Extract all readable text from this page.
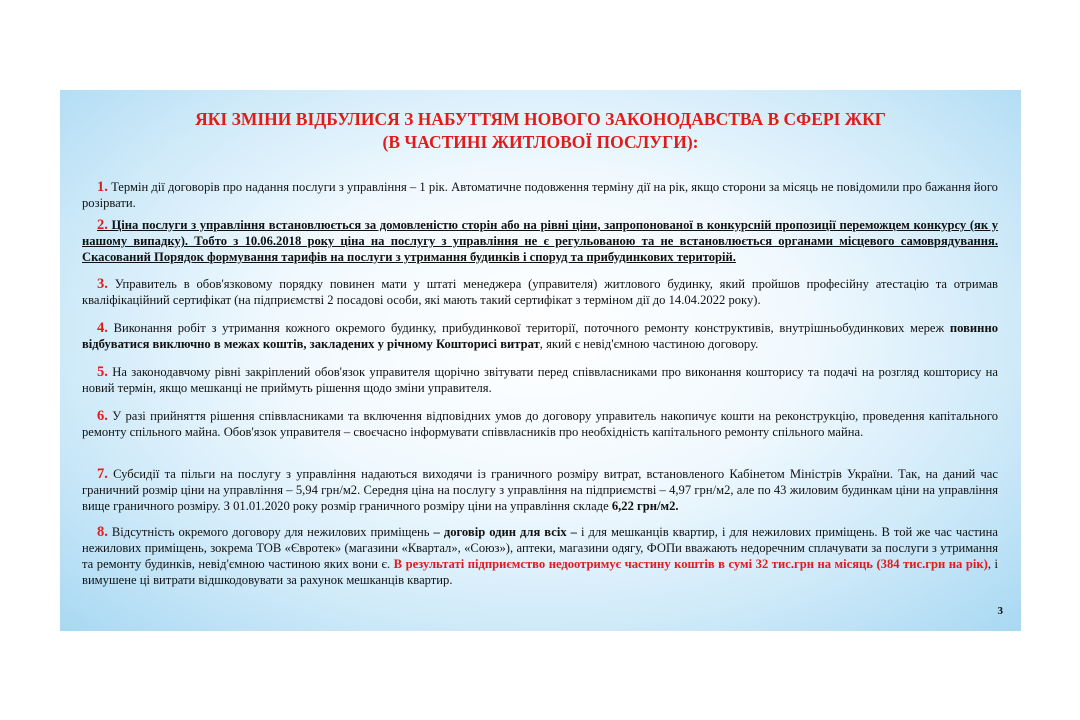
ЯКІ ЗМІНИ ВІДБУЛИСЯ З НАБУТТЯМ НОВОГО ЗАКОНОДАВСТВА В СФЕРІ ЖКГ
(В ЧАСТИНІ ЖИТЛОВОЇ ПОСЛУГИ):
1. Термін дії договорів про надання послуги з управління – 1 рік. Автоматичне подовження терміну дії на рік, якщо сторони за місяць не повідомили про бажання його розірвати.
2. Ціна послуги з управління встановлюється за домовленістю сторін або на рівні ціни, запропонованої в конкурсній пропозиції переможцем конкурсу (як у нашому випадку). Тобто з 10.06.2018 року ціна на послугу з управління не є регульованою та не встановлюється органами місцевого самоврядування. Скасований Порядок формування тарифів на послуги з утримання будинків і споруд та прибудинкових територій.
3. Управитель в обов'язковому порядку повинен мати у штаті менеджера (управителя) житлового будинку, який пройшов професійну атестацію та отримав кваліфікаційний сертифікат (на підприємстві 2 посадові особи, які мають такий сертифікат з терміном дії до 14.04.2022 року).
4. Виконання робіт з утримання кожного окремого будинку, прибудинкової території, поточного ремонту конструктивів, внутрішньобудинкових мереж повинно відбуватися виключно в межах коштів, закладених у річному Кошторисі витрат, який є невід'ємною частиною договору.
5. На законодавчому рівні закріплений обов'язок управителя щорічно звітувати перед співвласниками про виконання кошторису та подачі на розгляд кошторису на новий термін, якщо мешканці не приймуть рішення щодо зміни управителя.
6. У разі прийняття рішення співвласниками та включення відповідних умов до договору управитель накопичує кошти на реконструкцію, проведення капітального ремонту спільного майна. Обов'язок управителя – своєчасно інформувати співвласників про необхідність капітального ремонту спільного майна.
7. Субсидії та пільги на послугу з управління надаються виходячи із граничного розміру витрат, встановленого Кабінетом Міністрів України. Так, на даний час граничний розмір ціни на управління – 5,94 грн/м2. Середня ціна на послугу з управління на підприємстві – 4,97 грн/м2, але по 43 жиловим будинкам ціни на управління вище граничного розміру. З 01.01.2020 року розмір граничного розміру ціни на управління складе 6,22 грн/м2.
8. Відсутність окремого договору для нежилових приміщень – договір один для всіх – і для мешканців квартир, і для нежилових приміщень. В той же час частина нежилових приміщень, зокрема ТОВ «Євротек» (магазини «Квартал», «Союз»), аптеки, магазини одягу, ФОПи вважають недоречним сплачувати за послуги з утримання та ремонту будинків, невід'ємною частиною яких вони є. В результаті підприємство недоотримує частину коштів в сумі 32 тис.грн на місяць (384 тис.грн на рік), і вимушене ці витрати відшкодовувати за рахунок мешканців квартир.
3
